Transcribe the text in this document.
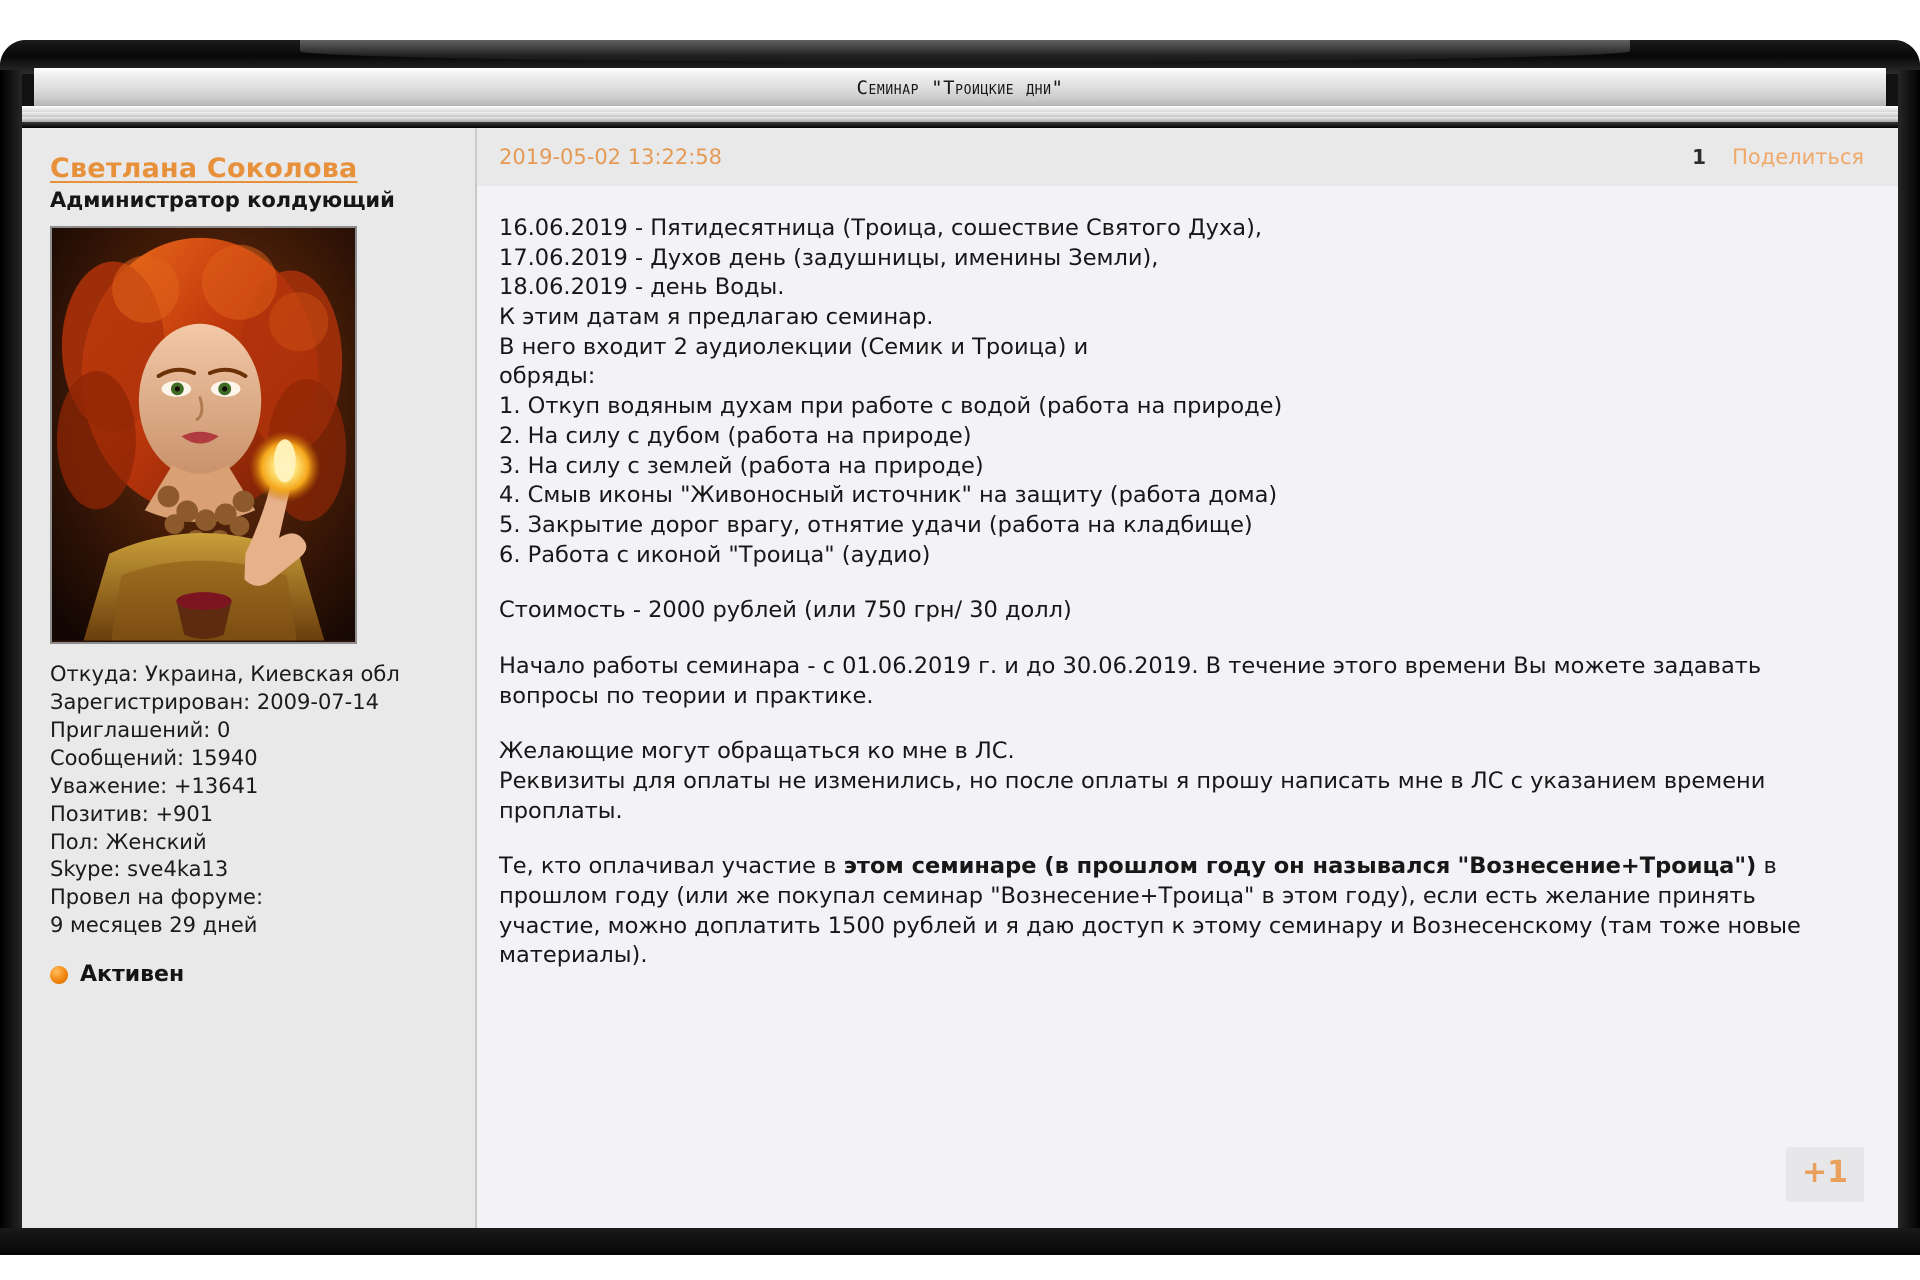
Семинар "Троицкие дни"
Светлана Соколова
Администратор колдующий
Откуда: Украина, Киевская обл
Зарегистрирован: 2009-07-14
Приглашений: 0
Сообщений: 15940
Уважение: +13641
Позитив: +901
Пол: Женский
Skype: sve4ka13
Провел на форуме:
9 месяцев 29 дней
Активен
2019-05-02 13:22:58	1 Поделиться

16.06.2019 - Пятидесятница (Троица, сошествие Святого Духа),

17.06.2019 - Духов день (задушницы, именины Земли),

18.06.2019 - день Воды.

К этим датам я предлагаю семинар.

В него входит 2 аудиолекции (Семик и Троица) и

обряды:

1. Откуп водяным духам при работе с водой (работа на природе)

2. На силу с дубом (работа на природе)

3. На силу с землей (работа на природе)

4. Смыв иконы "Живоносный источник" на защиту (работа дома)

5. Закрытие дорог врагу, отнятие удачи (работа на кладбище)

6. Работа с иконой "Троица" (аудио)

Стоимость - 2000 рублей (или 750 грн/ 30 долл)

Начало работы семинара - с 01.06.2019 г. и до 30.06.2019. В течение этого времени Вы можете задавать вопросы по теории и практике.

Желающие могут обращаться ко мне в ЛС.

Реквизиты для оплаты не изменились, но после оплаты я прошу написать мне в ЛС с указанием времени проплаты.

Те, кто оплачивал участие в этом семинаре (в прошлом году он назывался "Вознесение+Троица") в прошлом году (или же покупал семинар "Вознесение+Троица" в этом году), если есть желание принять участие, можно доплатить 1500 рублей и я даю доступ к этому семинару и Вознесенскому (там тоже новые материалы).

+1
